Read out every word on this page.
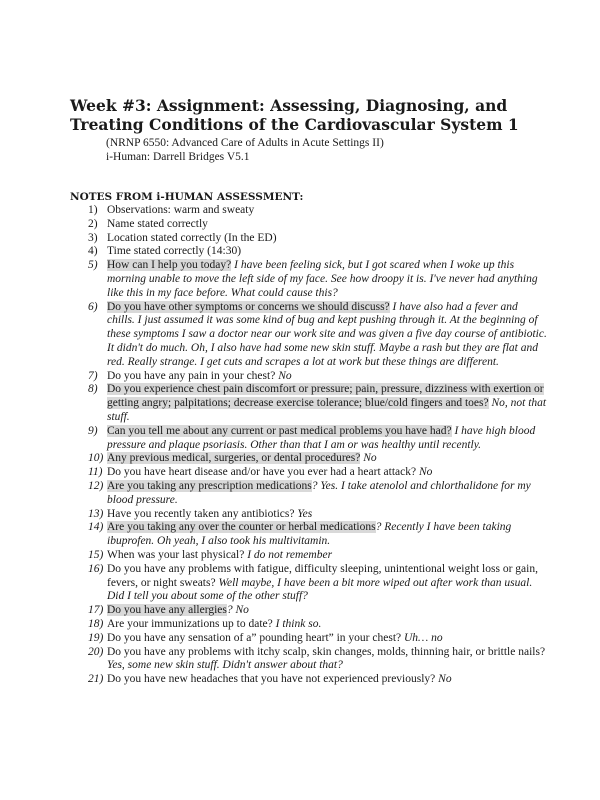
Week #3: Assignment: Assessing, Diagnosing, and Treating Conditions of the Cardiovascular System 1
(NRNP 6550: Advanced Care of Adults in Acute Settings II)
i-Human: Darrell Bridges V5.1
NOTES FROM i-HUMAN ASSESSMENT:
1) Observations: warm and sweaty
2) Name stated correctly
3) Location stated correctly (In the ED)
4) Time stated correctly (14:30)
5) How can I help you today? I have been feeling sick, but I got scared when I woke up this morning unable to move the left side of my face. See how droopy it is. I've never had anything like this in my face before. What could cause this?
6) Do you have other symptoms or concerns we should discuss? I have also had a fever and chills. I just assumed it was some kind of bug and kept pushing through it. At the beginning of these symptoms I saw a doctor near our work site and was given a five day course of antibiotic. It didn't do much. Oh, I also have had some new skin stuff. Maybe a rash but they are flat and red. Really strange. I get cuts and scrapes a lot at work but these things are different.
7) Do you have any pain in your chest? No
8) Do you experience chest pain discomfort or pressure; pain, pressure, dizziness with exertion or getting angry; palpitations; decrease exercise tolerance; blue/cold fingers and toes? No, not that stuff.
9) Can you tell me about any current or past medical problems you have had? I have high blood pressure and plaque psoriasis. Other than that I am or was healthy until recently.
10) Any previous medical, surgeries, or dental procedures? No
11) Do you have heart disease and/or have you ever had a heart attack? No
12) Are you taking any prescription medications? Yes. I take atenolol and chlorthalidone for my blood pressure.
13) Have you recently taken any antibiotics? Yes
14) Are you taking any over the counter or herbal medications? Recently I have been taking ibuprofen. Oh yeah, I also took his multivitamin.
15) When was your last physical? I do not remember
16) Do you have any problems with fatigue, difficulty sleeping, unintentional weight loss or gain, fevers, or night sweats? Well maybe, I have been a bit more wiped out after work than usual. Did I tell you about some of the other stuff?
17) Do you have any allergies? No
18) Are your immunizations up to date? I think so.
19) Do you have any sensation of a” pounding heart” in your chest? Uh… no
20) Do you have any problems with itchy scalp, skin changes, molds, thinning hair, or brittle nails? Yes, some new skin stuff. Didn't answer about that?
21) Do you have new headaches that you have not experienced previously? No
